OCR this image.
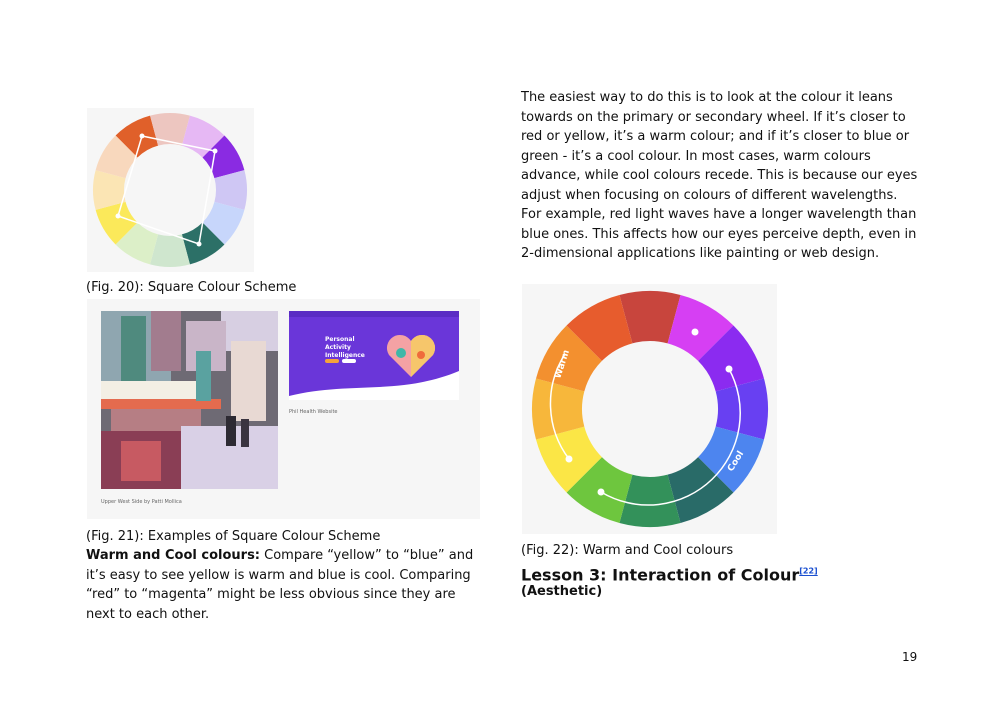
The easiest way to do this is to look at the colour it leans towards on the primary or secondary wheel. If it’s closer to red or yellow, it’s a warm colour; and if it’s closer to blue or green - it’s a cool colour. In most cases, warm colours advance, while cool colours recede. This is because our eyes adjust when focusing on colours of different wavelengths. For example, red light waves have a longer wavelength than blue ones. This affects how our eyes perceive depth, even in 2-dimensional applications like painting or web design.
(Fig. 20): Square Colour Scheme
Upper West Side by Patti Mollica
Personal Activity Intelligence
Phil Health Website
(Fig. 21): Examples of Square Colour Scheme
Warm and Cool colours: Compare “yellow” to “blue” and it’s easy to see yellow is warm and blue is cool. Comparing “red” to “magenta” might be less obvious since they are next to each other.
Warm
Cool
(Fig. 22): Warm and Cool colours
Lesson 3: Interaction of Colour[22]
(Aesthetic)
19
